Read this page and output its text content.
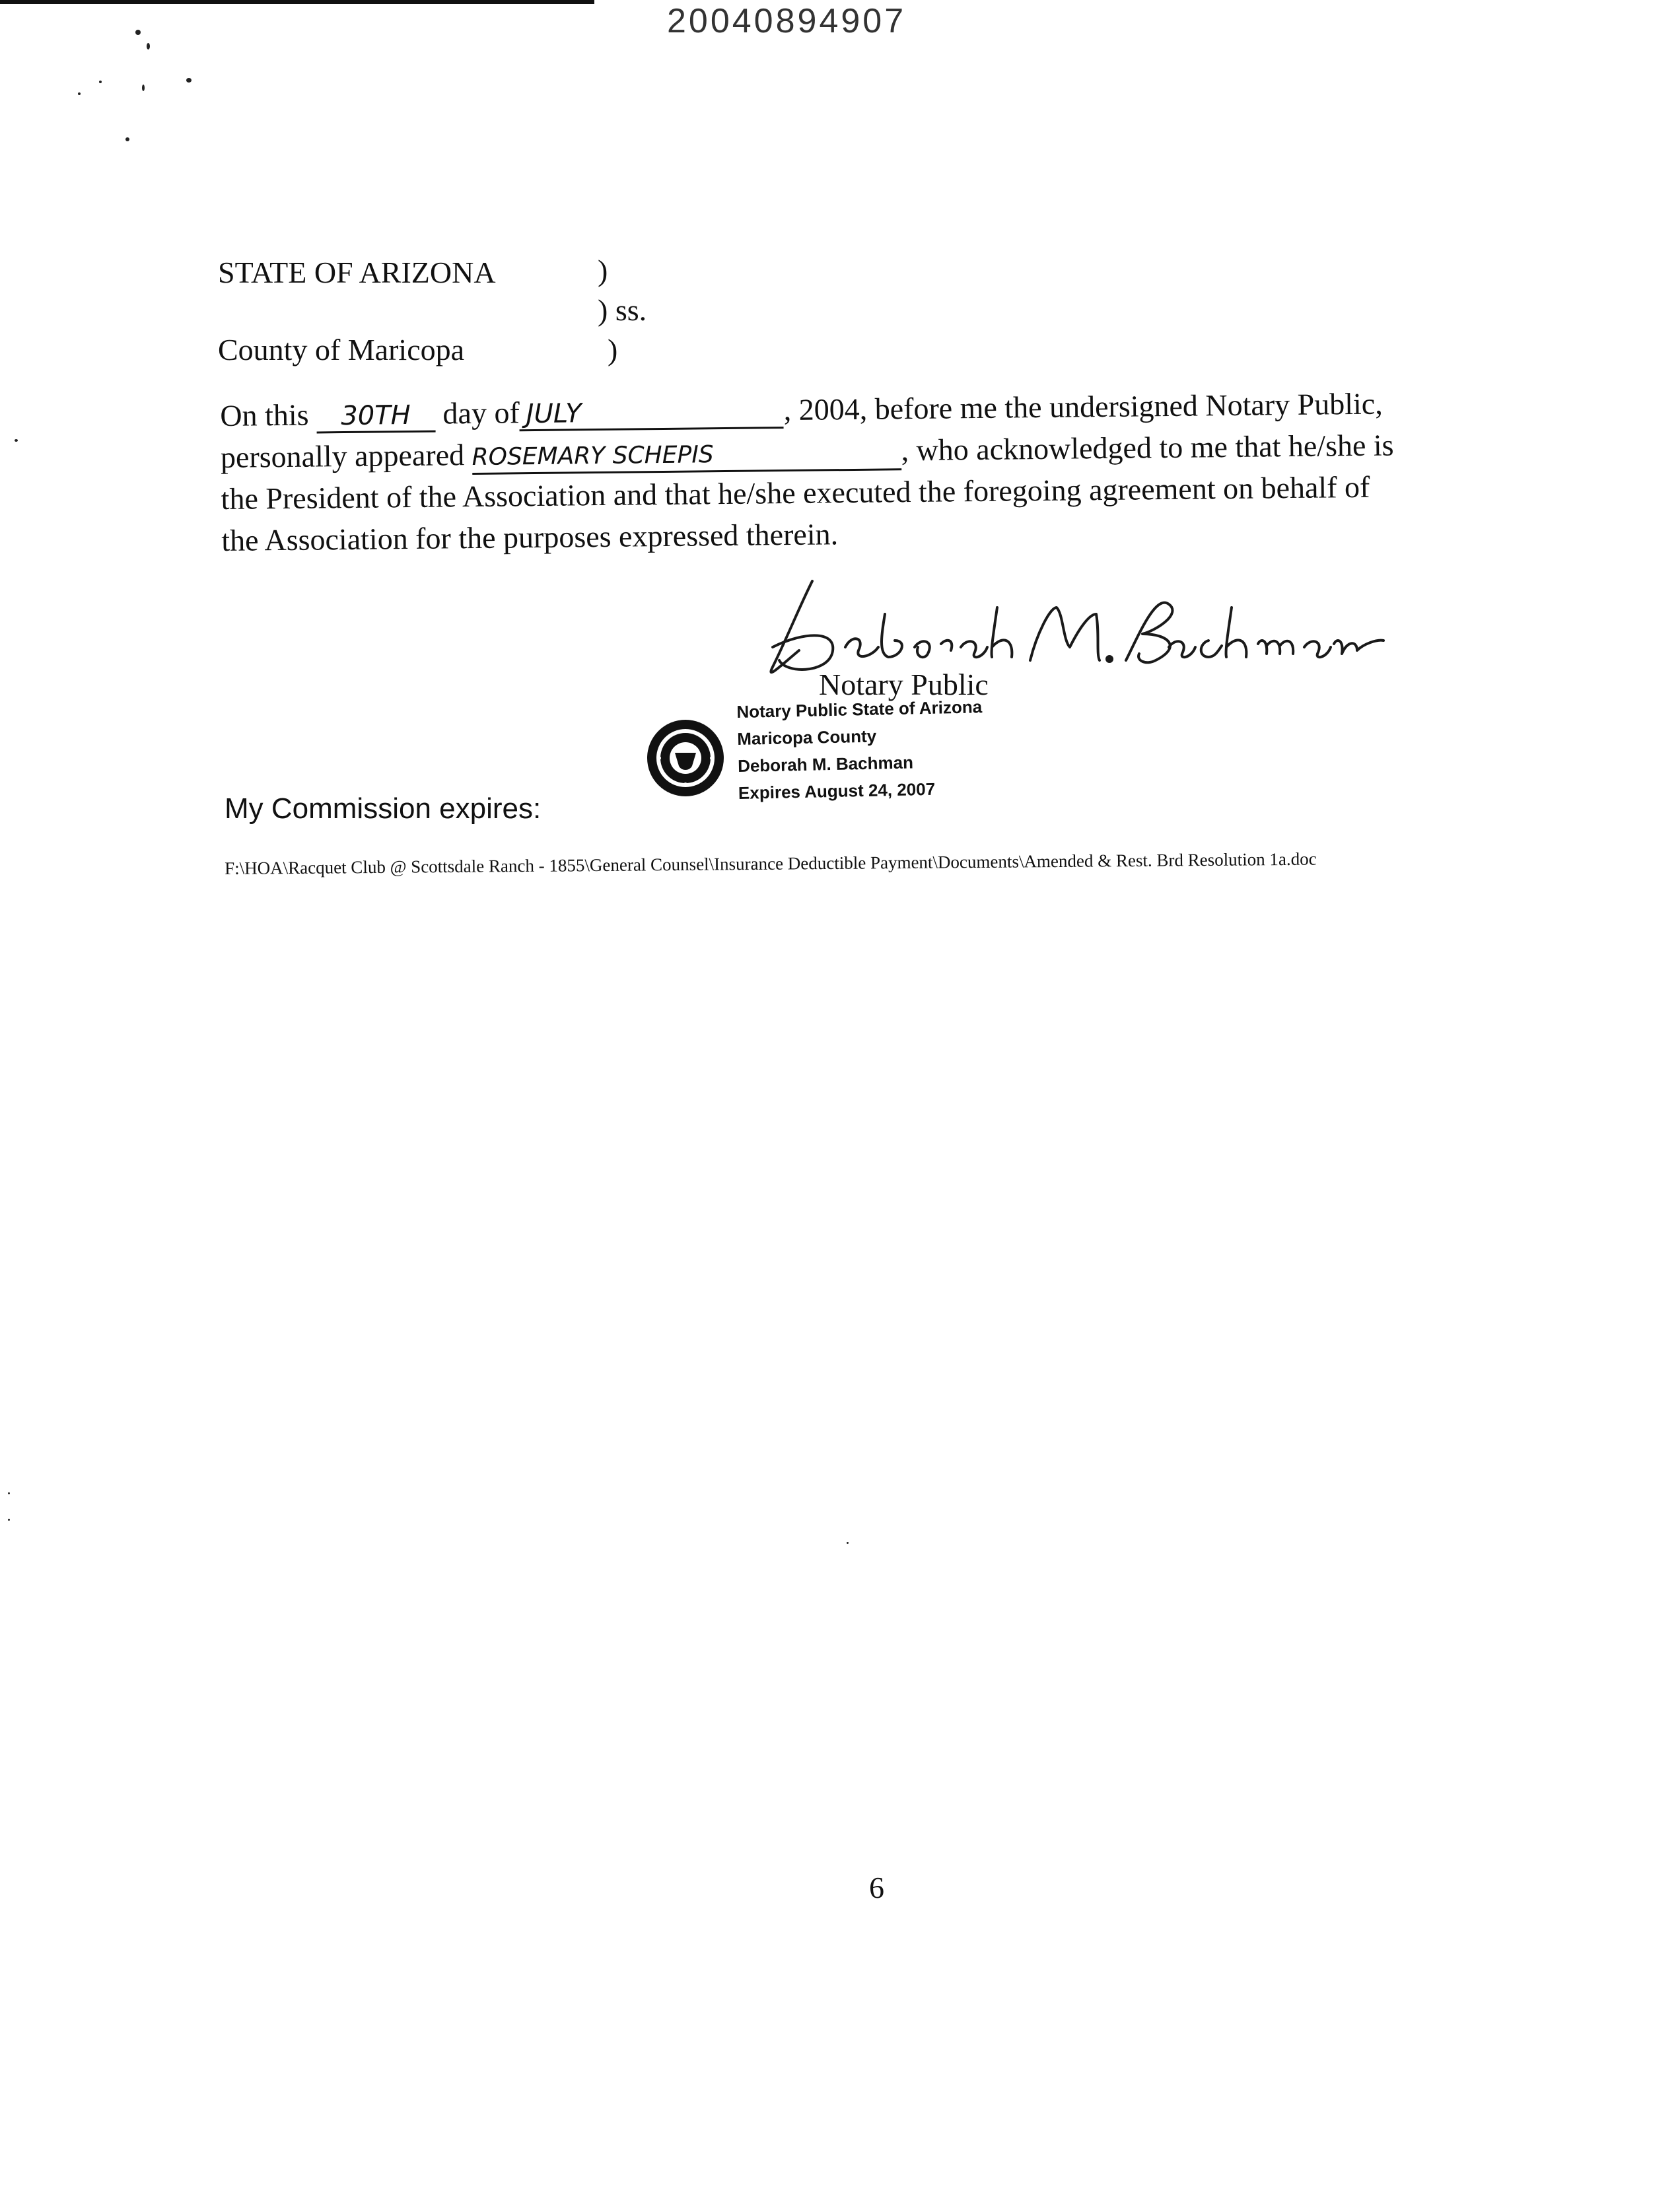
20040894907
STATE OF ARIZONA	)
) ss.
County of Maricopa	)
On this 30TH day of JULY	, 2004, before me the undersigned Notary Public,
personally appeared ROSEMARY SCHEPIS	, who acknowledged to me that he/she is
the President of the Association and that he/she executed the foregoing agreement on behalf of
the Association for the purposes expressed therein.
Notary Public
Notary Public State of Arizona
Maricopa County
Deborah M. Bachman
Expires August 24, 2007
My Commission expires:
F:\HOA\Racquet Club @ Scottsdale Ranch - 1855\General Counsel\Insurance Deductible Payment\Documents\Amended & Rest. Brd Resolution 1a.doc
6
